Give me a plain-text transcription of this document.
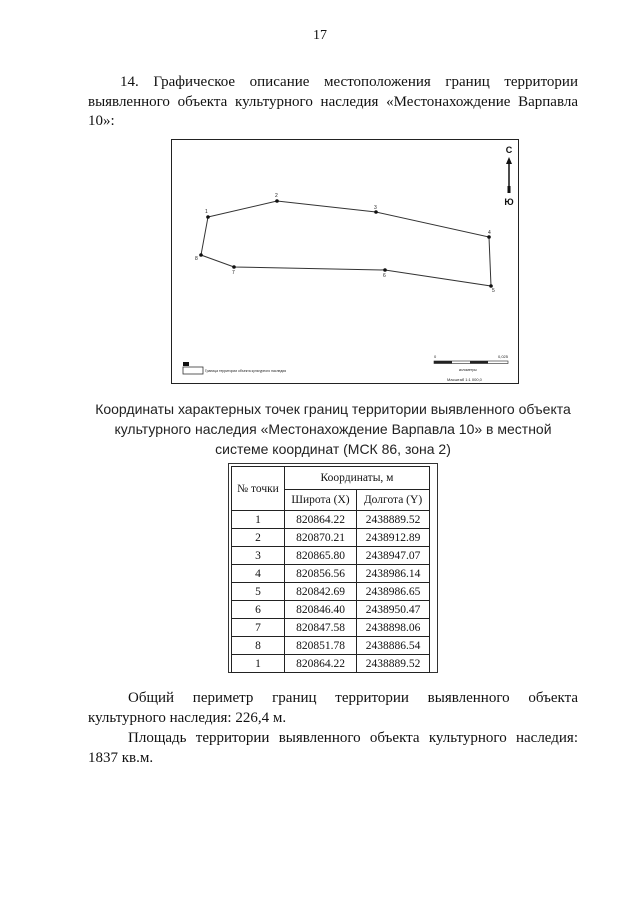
17
14. Графическое описание местоположения границ территории выявленного объекта культурного наследия «Местонахождение Варпавла 10»:
1
2
3
4
5
6
7
8
С
Ю
Граница территории объекта культурного наследия
0	0,025
километры
Масштаб 1:1 000,0
Координаты характерных точек границ территории выявленного объекта культурного наследия «Местонахождение Варпавла 10» в местной системе координат (МСК 86, зона 2)
№ точки	Координаты, м	
	Широта (X)	Долгота (Y)
1	820864.22	2438889.52
2	820870.21	2438912.89
3	820865.80	2438947.07
4	820856.56	2438986.14
5	820842.69	2438986.65
6	820846.40	2438950.47
7	820847.58	2438898.06
8	820851.78	2438886.54
1	820864.22	2438889.52
Общий периметр границ территории выявленного объекта культурного наследия: 226,4 м.
Площадь территории выявленного объекта культурного наследия: 1837 кв.м.
